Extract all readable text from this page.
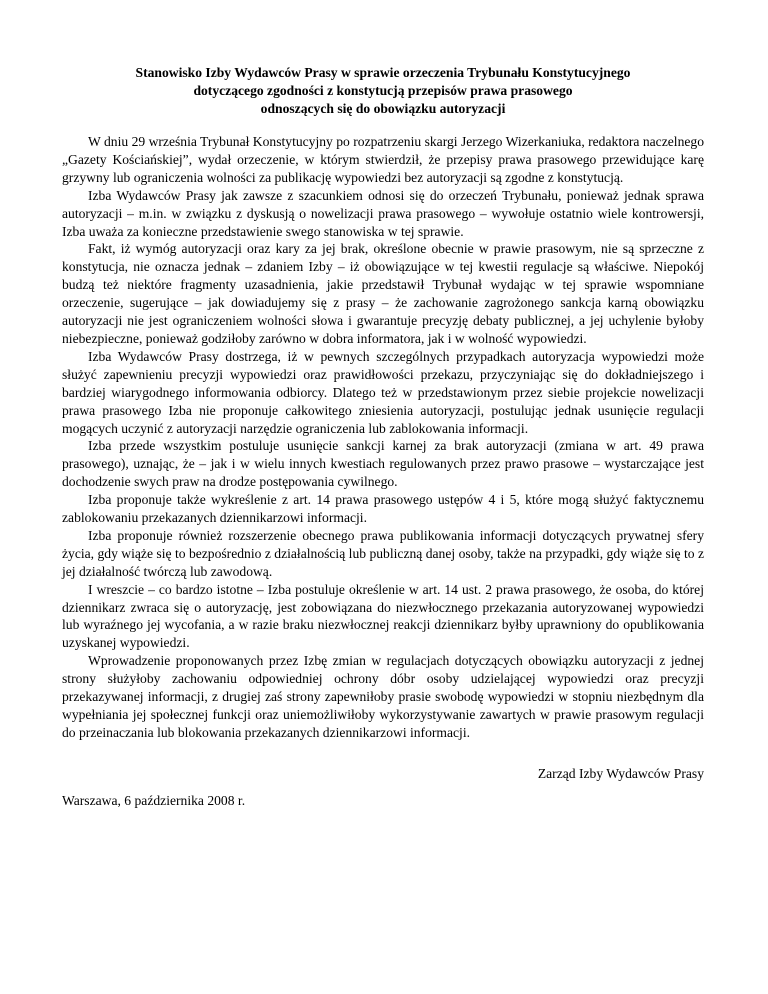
Stanowisko Izby Wydawców Prasy w sprawie orzeczenia Trybunału Konstytucyjnego
dotyczącego zgodności z konstytucją przepisów prawa prasowego
odnoszących się do obowiązku autoryzacji

W dniu 29 września Trybunał Konstytucyjny po rozpatrzeniu skargi Jerzego Wizerkaniuka, redaktora naczelnego „Gazety Kościańskiej”, wydał orzeczenie, w którym stwierdził, że przepisy prawa prasowego przewidujące karę grzywny lub ograniczenia wolności za publikację wypowiedzi bez autoryzacji są zgodne z konstytucją.

Izba Wydawców Prasy jak zawsze z szacunkiem odnosi się do orzeczeń Trybunału, ponieważ jednak sprawa autoryzacji – m.in. w związku z dyskusją o nowelizacji prawa prasowego – wywołuje ostatnio wiele kontrowersji, Izba uważa za konieczne przedstawienie swego stanowiska w tej sprawie.

Fakt, iż wymóg autoryzacji oraz kary za jej brak, określone obecnie w prawie prasowym, nie są sprzeczne z konstytucja, nie oznacza jednak – zdaniem Izby – iż obowiązujące w tej kwestii regulacje są właściwe. Niepokój budzą też niektóre fragmenty uzasadnienia, jakie przedstawił Trybunał wydając w tej sprawie wspomniane orzeczenie, sugerujące – jak dowiadujemy się z prasy – że zachowanie zagrożonego sankcja karną obowiązku autoryzacji nie jest ograniczeniem wolności słowa i gwarantuje precyzję debaty publicznej, a jej uchylenie byłoby niebezpieczne, ponieważ godziłoby zarówno w dobra informatora, jak i w wolność wypowiedzi.

Izba Wydawców Prasy dostrzega, iż w pewnych szczególnych przypadkach autoryzacja wypowiedzi może służyć zapewnieniu precyzji wypowiedzi oraz prawidłowości przekazu, przyczyniając się do dokładniejszego i bardziej wiarygodnego informowania odbiorcy. Dlatego też w przedstawionym przez siebie projekcie nowelizacji prawa prasowego Izba nie proponuje całkowitego zniesienia autoryzacji, postulując jednak usunięcie regulacji mogących uczynić z autoryzacji narzędzie ograniczenia lub zablokowania informacji.

Izba przede wszystkim postuluje usunięcie sankcji karnej za brak autoryzacji (zmiana w art. 49 prawa prasowego), uznając, że – jak i w wielu innych kwestiach regulowanych przez prawo prasowe – wystarczające jest dochodzenie swych praw na drodze postępowania cywilnego.

Izba proponuje także wykreślenie z art. 14 prawa prasowego ustępów 4 i 5, które mogą służyć faktycznemu zablokowaniu przekazanych dziennikarzowi informacji.

Izba proponuje również rozszerzenie obecnego prawa publikowania informacji dotyczących prywatnej sfery życia, gdy wiąże się to bezpośrednio z działalnością lub publiczną danej osoby, także na przypadki, gdy wiąże się to z jej działalność twórczą lub zawodową.

I wreszcie – co bardzo istotne – Izba postuluje określenie w art. 14 ust. 2 prawa prasowego, że osoba, do której dziennikarz zwraca się o autoryzację, jest zobowiązana do niezwłocznego przekazania autoryzowanej wypowiedzi lub wyraźnego jej wycofania, a w razie braku niezwłocznej reakcji dziennikarz byłby uprawniony do opublikowania uzyskanej wypowiedzi.

Wprowadzenie proponowanych przez Izbę zmian w regulacjach dotyczących obowiązku autoryzacji z jednej strony służyłoby zachowaniu odpowiedniej ochrony dóbr osoby udzielającej wypowiedzi oraz precyzji przekazywanej informacji, z drugiej zaś strony zapewniłoby prasie swobodę wypowiedzi w stopniu niezbędnym dla wypełniania jej społecznej funkcji oraz uniemożliwiłoby wykorzystywanie zawartych w prawie prasowym regulacji do przeinaczania lub blokowania przekazanych dziennikarzowi informacji.

Zarząd Izby Wydawców Prasy
Warszawa, 6 października 2008 r.
